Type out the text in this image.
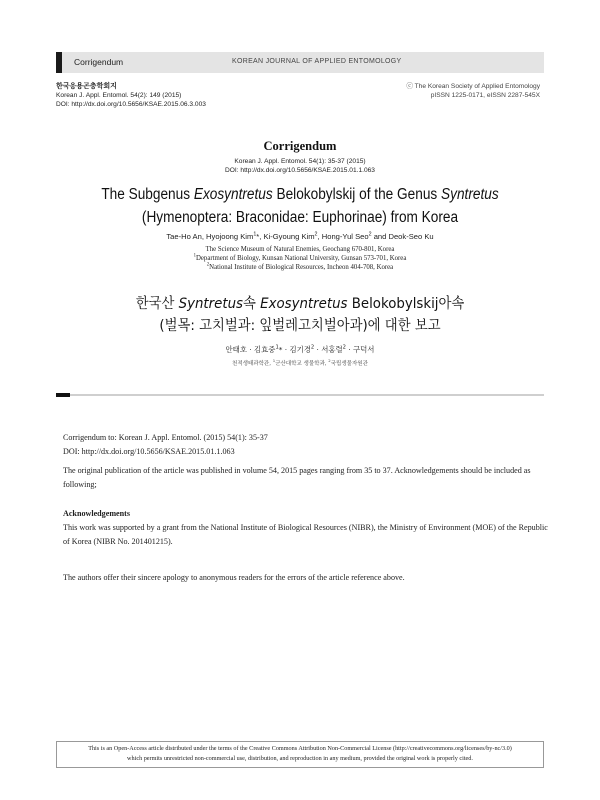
Corrigendum	KOREAN JOURNAL OF APPLIED ENTOMOLOGY
한국응용곤충학회지
Korean J. Appl. Entomol. 54(2): 149 (2015)
DOI: http://dx.doi.org/10.5656/KSAE.2015.06.3.003
ⓒ The Korean Society of Applied Entomology
pISSN 1225-0171, eISSN 2287-545X
Corrigendum
Korean J. Appl. Entomol. 54(1): 35-37 (2015)
DOI: http://dx.doi.org/10.5656/KSAE.2015.01.1.063
The Subgenus Exosyntretus Belokobylskij of the Genus Syntretus
(Hymenoptera: Braconidae: Euphorinae) from Korea
Tae-Ho An, Hyojoong Kim$^1$*, Ki-Gyoung Kim$^2$, Hong-Yul Seo$^2$ and Deok-Seo Ku
The Science Museum of Natural Enemies, Geochang 670-801, Korea
$^1$Department of Biology, Kunsan National University, Gunsan 573-701, Korea
$^2$National Institute of Biological Resources, Incheon 404-708, Korea
한국산 Syntretus속 Exosyntretus Belokobylskij아속
(벌목: 고치벌과: 잎벌레고치벌아과)에 대한 보고
안태호 · 김효중$^1$* · 김기경$^2$ · 서홍렬$^2$ · 구덕서
천적생태과학관, $^1$군산대학교 생물학과, $^2$국립생물자원관
Corrigendum to: Korean J. Appl. Entomol. (2015) 54(1): 35-37
DOI: http://dx.doi.org/10.5656/KSAE.2015.01.1.063
The original publication of the article was published in volume 54, 2015 pages ranging from 35 to 37. Acknowledgements should be included as following;
Acknowledgements
This work was supported by a grant from the National Institute of Biological Resources (NIBR), the Ministry of Environment (MOE) of the Republic of Korea (NIBR No. 201401215).
The authors offer their sincere apology to anonymous readers for the errors of the article reference above.
This is an Open-Access article distributed under the terms of the Creative Commons Attribution Non-Commercial License (http://creativecommons.org/licenses/by-nc/3.0)
which permits unrestricted non-commercial use, distribution, and reproduction in any medium, provided the original work is properly cited.
